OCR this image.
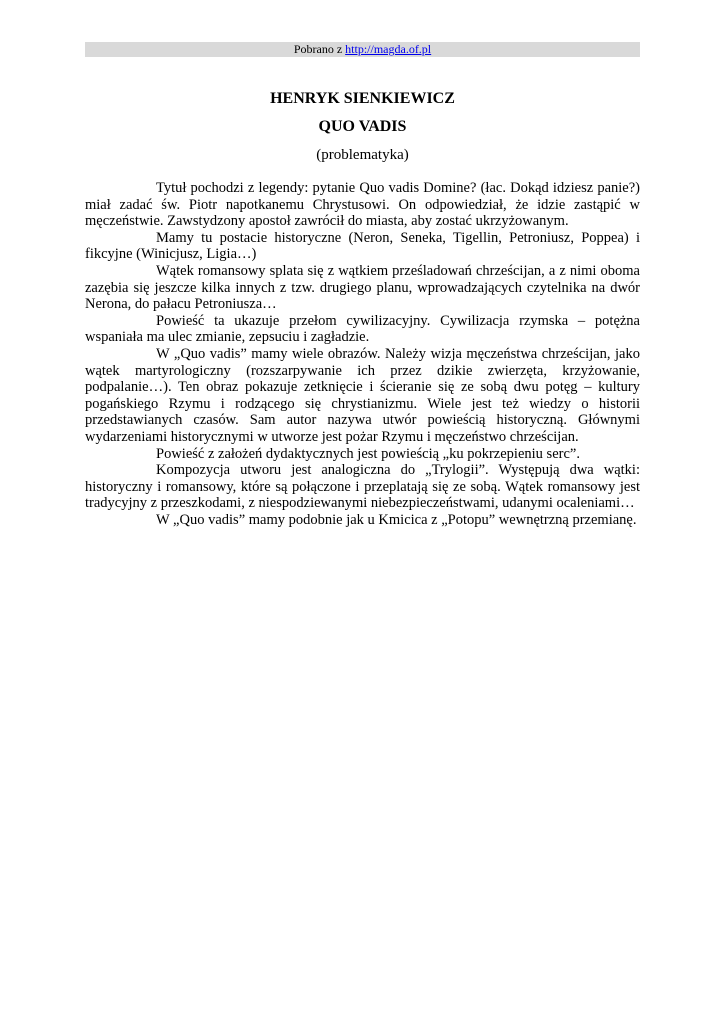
Pobrano z http://magda.of.pl
HENRYK SIENKIEWICZ
QUO VADIS
(problematyka)

Tytuł pochodzi z legendy: pytanie Quo vadis Domine? (łac. Dokąd idziesz panie?) miał zadać św. Piotr napotkanemu Chrystusowi. On odpowiedział, że idzie zastąpić w męczeństwie. Zawstydzony apostoł zawrócił do miasta, aby zostać ukrzyżowanym.

Mamy tu postacie historyczne (Neron, Seneka, Tigellin, Petroniusz, Poppea) i fikcyjne (Winicjusz, Ligia…)

Wątek romansowy splata się z wątkiem prześladowań chrześcijan, a z nimi oboma zazębia się jeszcze kilka innych z tzw. drugiego planu, wprowadzających czytelnika na dwór Nerona, do pałacu Petroniusza…

Powieść ta ukazuje przełom cywilizacyjny. Cywilizacja rzymska – potężna wspaniała ma ulec zmianie, zepsuciu i zagładzie.

W „Quo vadis” mamy wiele obrazów. Należy wizja męczeństwa chrześcijan, jako wątek martyrologiczny (rozszarpywanie ich przez dzikie zwierzęta, krzyżowanie, podpalanie…). Ten obraz pokazuje zetknięcie i ścieranie się ze sobą dwu potęg – kultury pogańskiego Rzymu i rodzącego się chrystianizmu. Wiele jest też wiedzy o historii przedstawianych czasów. Sam autor nazywa utwór powieścią historyczną. Głównymi wydarzeniami historycznymi w utworze jest pożar Rzymu i męczeństwo chrześcijan.

Powieść z założeń dydaktycznych jest powieścią „ku pokrzepieniu serc”.

Kompozycja utworu jest analogiczna do „Trylogii”. Występują dwa wątki: historyczny i romansowy, które są połączone i przeplatają się ze sobą. Wątek romansowy jest tradycyjny z przeszkodami, z niespodziewanymi niebezpieczeństwami, udanymi ocaleniami…

W „Quo vadis” mamy podobnie jak u Kmicica z „Potopu” wewnętrzną przemianę.
